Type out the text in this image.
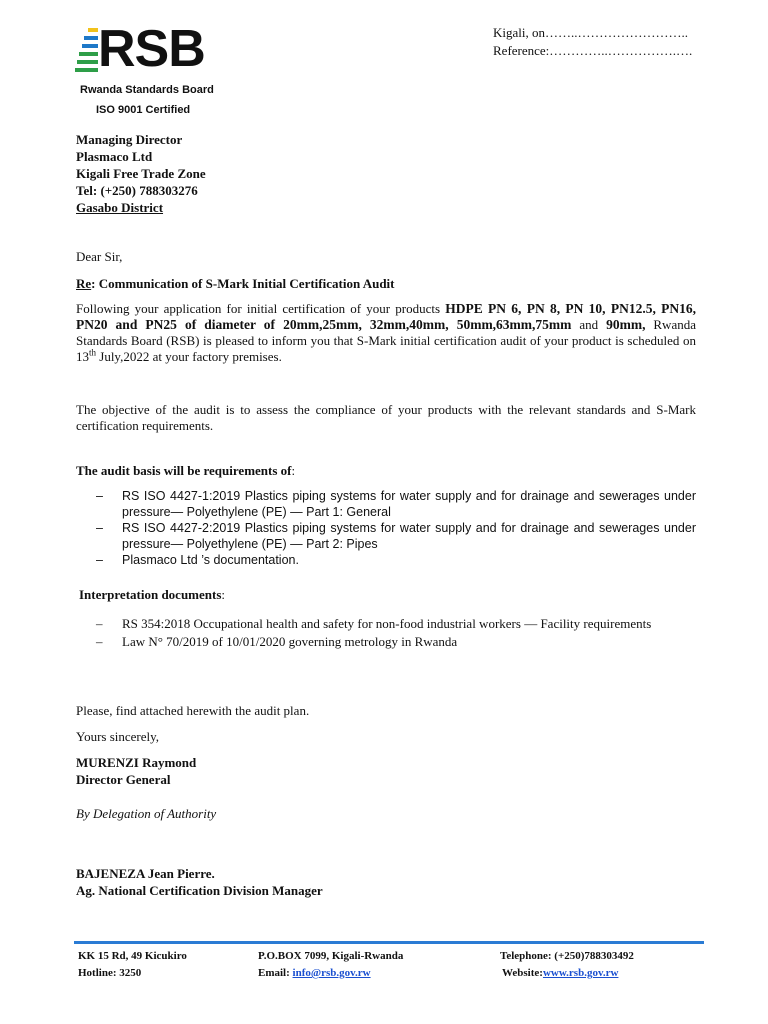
RSB
Rwanda Standards Board
ISO 9001 Certified
Kigali, on……..……………………..
Reference:…………..…………….….
Managing Director
Plasmaco Ltd
Kigali Free Trade Zone
Tel: (+250) 788303276
Gasabo District
Dear Sir,
Re: Communication of S-Mark Initial Certification Audit
Following your application for initial certification of your products HDPE PN 6, PN 8, PN 10, PN12.5, PN16, PN20 and PN25 of diameter of 20mm,25mm, 32mm,40mm, 50mm,63mm,75mm and 90mm, Rwanda Standards Board (RSB) is pleased to inform you that S-Mark initial certification audit of your product is scheduled on 13th July,2022 at your factory premises.
The objective of the audit is to assess the compliance of your products with the relevant standards and S-Mark certification requirements.
The audit basis will be requirements of:
– RS ISO 4427-1:2019 Plastics piping systems for water supply and for drainage and sewerages under pressure— Polyethylene (PE) — Part 1: General
– RS ISO 4427-2:2019 Plastics piping systems for water supply and for drainage and sewerages under pressure— Polyethylene (PE) — Part 2: Pipes
– Plasmaco Ltd ’s documentation.
Interpretation documents:
– RS 354:2018 Occupational health and safety for non-food industrial workers — Facility requirements
– Law N° 70/2019 of 10/01/2020 governing metrology in Rwanda
Please, find attached herewith the audit plan.
Yours sincerely,
MURENZI Raymond
Director General
By Delegation of Authority
BAJENEZA Jean Pierre.
Ag. National Certification Division Manager
KK 15 Rd, 49 Kicukiro
Hotline: 3250
P.O.BOX 7099, Kigali-Rwanda
Email: info@rsb.gov.rw
Telephone: (+250)788303492
Website:www.rsb.gov.rw
